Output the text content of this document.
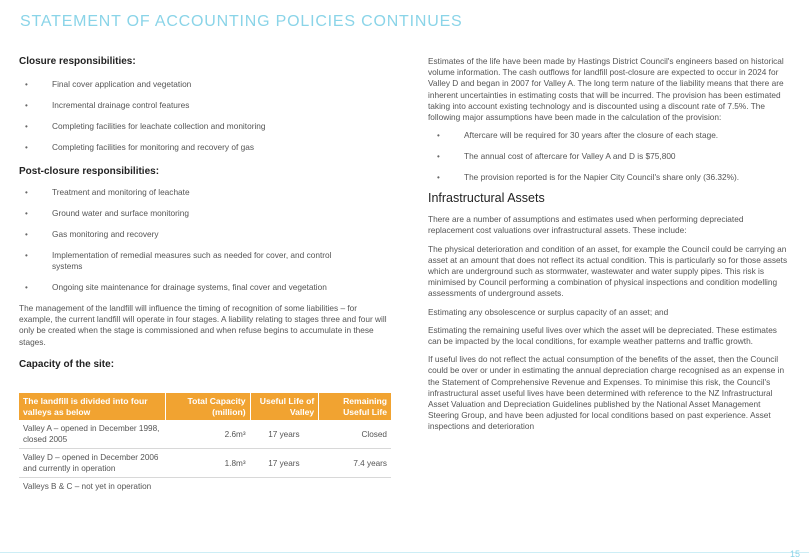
STATEMENT OF ACCOUNTING POLICIES CONTINUES
Closure responsibilities:
•	Final cover application and vegetation
•	Incremental drainage control features
•	Completing facilities for leachate collection and monitoring
•	Completing facilities for monitoring and recovery of gas
Post-closure responsibilities:
•	Treatment and monitoring of leachate
•	Ground water and surface monitoring
•	Gas monitoring and recovery
•	Implementation of remedial measures such as needed for cover, and control systems
•	Ongoing site maintenance for drainage systems, final cover and vegetation

The management of the landfill will influence the timing of recognition of some liabilities – for example, the current landfill will operate in four stages. A liability relating to stages three and four will only be created when the stage is commissioned and when refuse begins to accumulate in these stages.

Capacity of the site:
The landfill is divided into four valleys as below	Total Capacity (million)	Useful Life of Valley	Remaining Useful Life
Valley A – opened in December 1998, closed 2005	2.6m³	17 years	Closed
Valley D – opened in December 2006 and currently in operation	1.8m³	17 years	7.4 years
Valleys B & C – not yet in operation			

Estimates of the life have been made by Hastings District Council's engineers based on historical volume information. The cash outflows for landfill post-closure are expected to occur in 2024 for Valley D and began in 2007 for Valley A. The long term nature of the liability means that there are inherent uncertainties in estimating costs that will be incurred. The provision has been estimated taking into account existing technology and is discounted using a discount rate of 7.5%. The following major assumptions have been made in the calculation of the provision:

•	Aftercare will be required for 30 years after the closure of each stage.
•	The annual cost of aftercare for Valley A and D is $75,800
•	The provision reported is for the Napier City Council's share only (36.32%).
Infrastructural Assets

There are a number of assumptions and estimates used when performing depreciated replacement cost valuations over infrastructural assets. These include:

The physical deterioration and condition of an asset, for example the Council could be carrying an asset at an amount that does not reflect its actual condition. This is particularly so for those assets which are underground such as stormwater, wastewater and water supply pipes. This risk is minimised by Council performing a combination of physical inspections and condition modelling assessments of underground assets.

Estimating any obsolescence or surplus capacity of an asset; and

Estimating the remaining useful lives over which the asset will be depreciated. These estimates can be impacted by the local conditions, for example weather patterns and traffic growth.

If useful lives do not reflect the actual consumption of the benefits of the asset, then the Council could be over or under in estimating the annual depreciation charge recognised as an expense in the Statement of Comprehensive Revenue and Expenses. To minimise this risk, the Council's infrastructural asset useful lives have been determined with reference to the NZ Infrastructural Asset Valuation and Depreciation Guidelines published by the National Asset Management Steering Group, and have been adjusted for local conditions based on past experience. Asset inspections and deterioration

15
